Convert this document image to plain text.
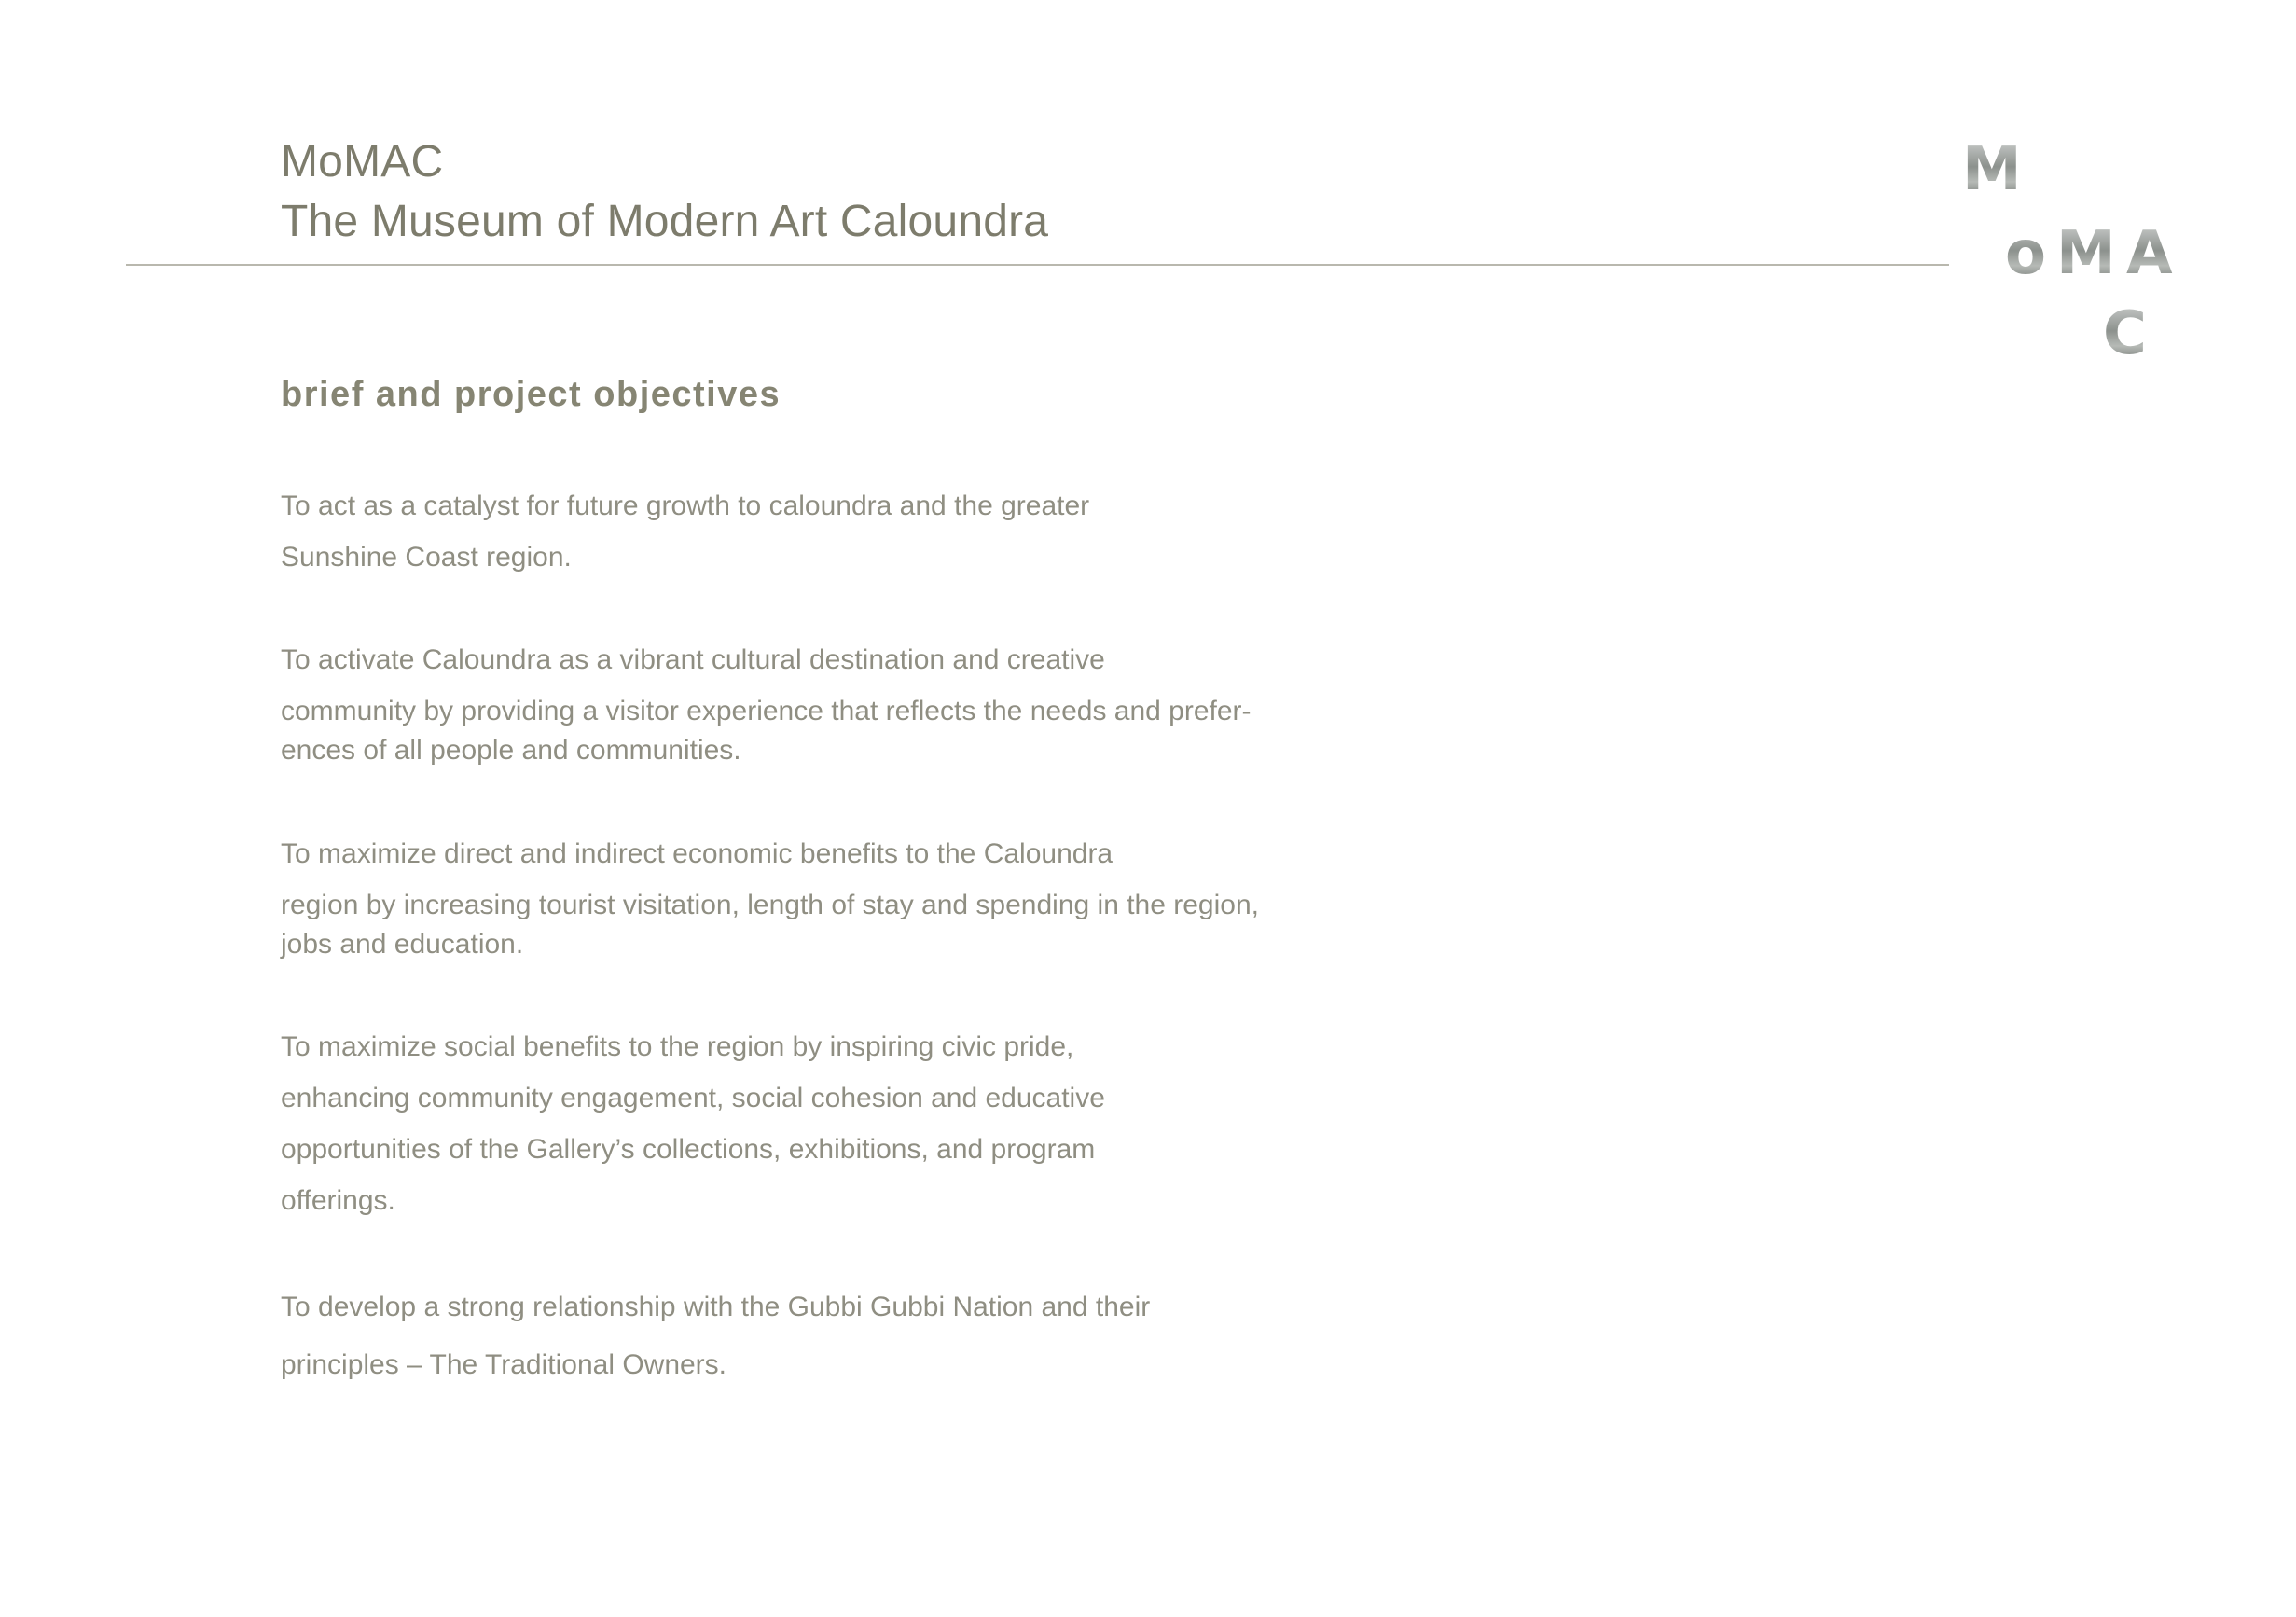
MoMAC
The Museum of Modern Art Caloundra
M
o M A
C
brief and project objectives
To act as a catalyst for future growth to caloundra and the greater
Sunshine Coast region.
To activate Caloundra as a vibrant cultural destination and creative
community by providing a visitor experience that reflects the needs and prefer-
ences of all people and communities.
To maximize direct and indirect economic benefits to the Caloundra
region by increasing tourist visitation, length of stay and spending in the region,
jobs and education.
To maximize social benefits to the region by inspiring civic pride,
enhancing community engagement, social cohesion and educative
opportunities of the Gallery’s collections, exhibitions, and program
offerings.
To develop a strong relationship with the Gubbi Gubbi Nation and their
principles – The Traditional Owners.
